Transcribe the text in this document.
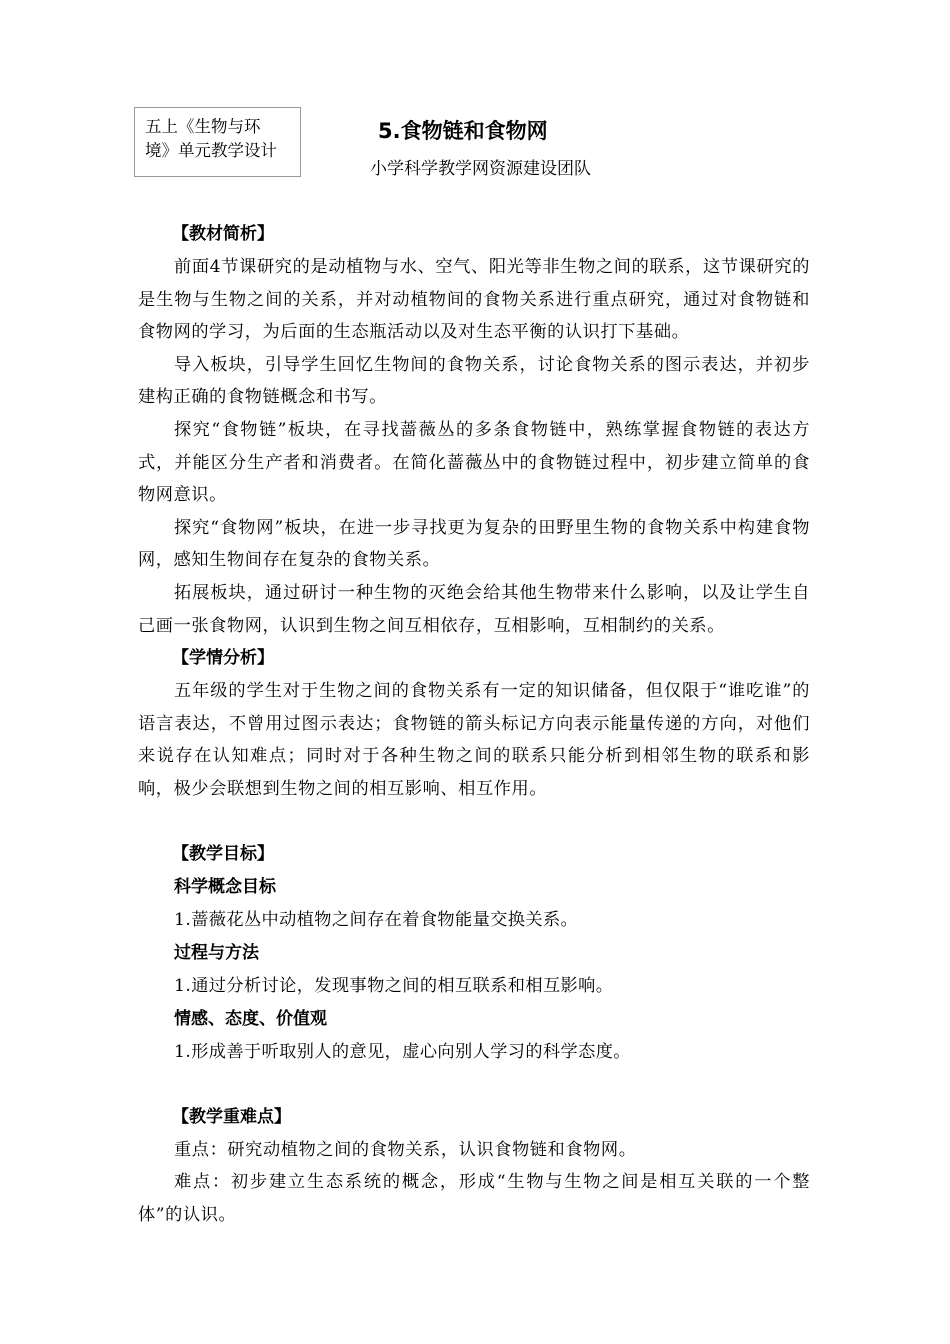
五上《生物与环
境》单元教学设计
5.食物链和食物网
小学科学教学网资源建设团队
【教材简析】

前面4节课研究的是动植物与水、空气、阳光等非生物之间的联系，这节课研究的是生物与生物之间的关系，并对动植物间的食物关系进行重点研究，通过对食物链和食物网的学习，为后面的生态瓶活动以及对生态平衡的认识打下基础。

导入板块，引导学生回忆生物间的食物关系，讨论食物关系的图示表达，并初步建构正确的食物链概念和书写。

探究“食物链”板块，在寻找蔷薇丛的多条食物链中，熟练掌握食物链的表达方式，并能区分生产者和消费者。在简化蔷薇丛中的食物链过程中，初步建立简单的食物网意识。

探究“食物网”板块，在进一步寻找更为复杂的田野里生物的食物关系中构建食物网，感知生物间存在复杂的食物关系。

拓展板块，通过研讨一种生物的灭绝会给其他生物带来什么影响，以及让学生自己画一张食物网，认识到生物之间互相依存，互相影响，互相制约的关系。

【学情分析】

五年级的学生对于生物之间的食物关系有一定的知识储备，但仅限于“谁吃谁”的语言表达，不曾用过图示表达；食物链的箭头标记方向表示能量传递的方向，对他们来说存在认知难点；同时对于各种生物之间的联系只能分析到相邻生物的联系和影响，极少会联想到生物之间的相互影响、相互作用。

【教学目标】
科学概念目标
1.蔷薇花丛中动植物之间存在着食物能量交换关系。
过程与方法
1.通过分析讨论，发现事物之间的相互联系和相互影响。
情感、态度、价值观
1.形成善于听取别人的意见，虚心向别人学习的科学态度。
【教学重难点】

重点：研究动植物之间的食物关系，认识食物链和食物网。

难点：初步建立生态系统的概念，形成“生物与生物之间是相互关联的一个整体”的认识。
